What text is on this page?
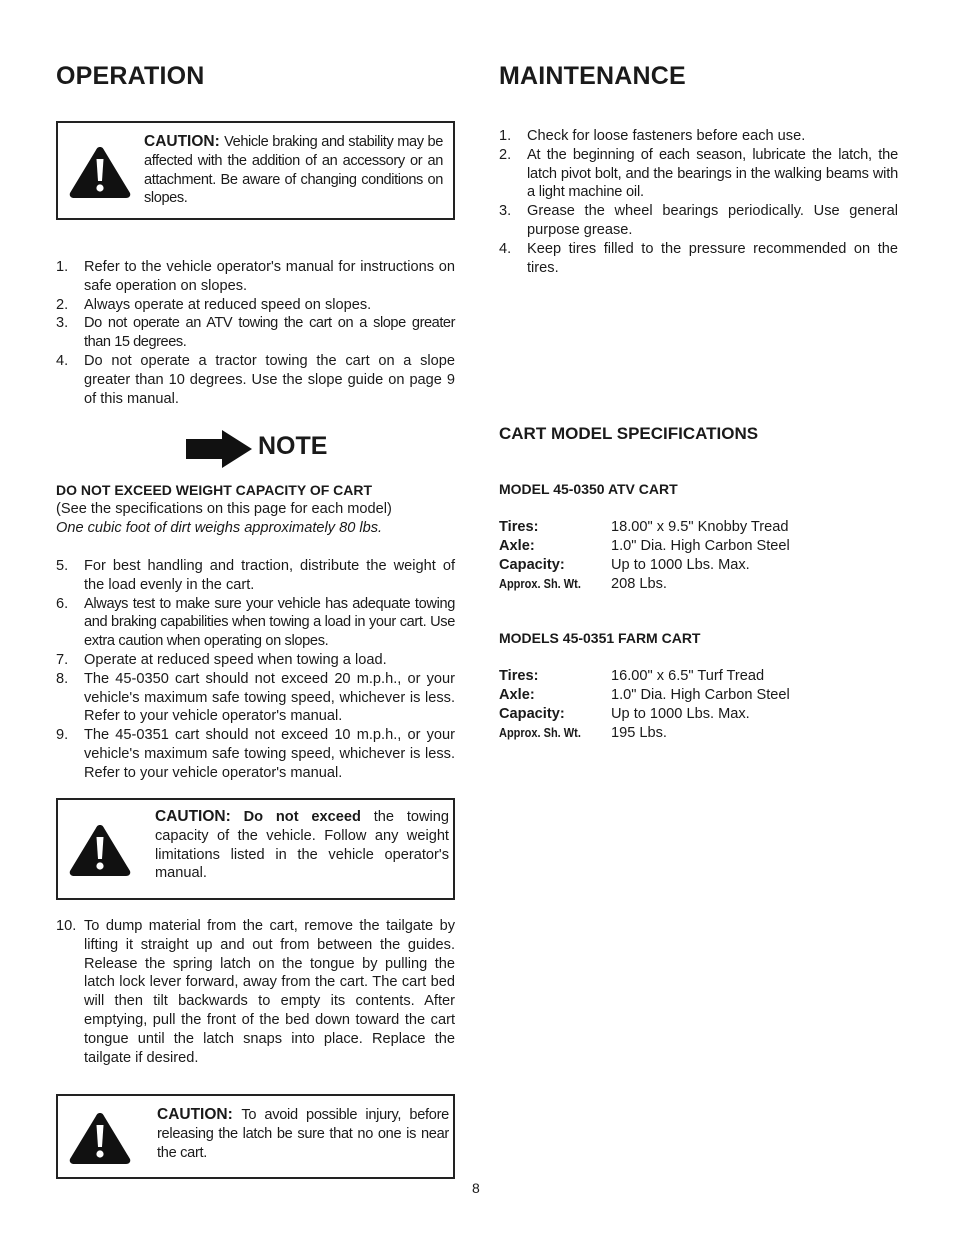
OPERATION
CAUTION: Vehicle braking and stability may be affected with the addition of an accessory or an attachment. Be aware of changing conditions on slopes.
1. Refer to the vehicle operator's manual for instructions on safe operation on slopes.
2. Always operate at reduced speed on slopes.
3. Do not operate an ATV towing the cart on a slope greater than 15 degrees.
4. Do not operate a tractor towing the cart on a slope greater than 10 degrees. Use the slope guide on page 9 of this manual.
NOTE
DO NOT EXCEED WEIGHT CAPACITY OF CART
(See the specifications on this page for each model)
One cubic foot of dirt weighs approximately 80 lbs.
5. For best handling and traction, distribute the weight of the load evenly in the cart.
6. Always test to make sure your vehicle has adequate towing and braking capabilities when towing a load in your cart. Use extra caution when operating on slopes.
7. Operate at reduced speed when towing a load.
8. The 45-0350 cart should not exceed 20 m.p.h., or your vehicle's maximum safe towing speed, whichever is less. Refer to your vehicle operator's manual.
9. The 45-0351 cart should not exceed 10 m.p.h., or your vehicle's maximum safe towing speed, whichever is less. Refer to your vehicle operator's manual.
CAUTION: Do not exceed the towing capacity of the vehicle. Follow any weight limitations listed in the vehicle operator's manual.
10. To dump material from the cart, remove the tailgate by lifting it straight up and out from between the guides. Release the spring latch on the tongue by pulling the latch lock lever forward, away from the cart. The cart bed will then tilt backwards to empty its contents. After emptying, pull the front of the bed down toward the cart tongue until the latch snaps into place. Replace the tailgate if desired.
CAUTION: To avoid possible injury, before releasing the latch be sure that no one is near the cart.
MAINTENANCE
1. Check for loose fasteners before each use.
2. At the beginning of each season, lubricate the latch, the latch pivot bolt, and the bearings in the walking beams with a light machine oil.
3. Grease the wheel bearings periodically. Use general purpose grease.
4. Keep tires filled to the pressure recommended on the tires.
CART MODEL SPECIFICATIONS
MODEL 45-0350 ATV CART
Tires:	18.00" x 9.5" Knobby Tread
Axle:	1.0" Dia. High Carbon Steel
Capacity:	Up to 1000 Lbs. Max.
Approx. Sh. Wt. 208 Lbs.
MODELS 45-0351 FARM CART
Tires:	16.00" x 6.5" Turf Tread
Axle:	1.0" Dia. High Carbon Steel
Capacity:	Up to 1000 Lbs. Max.
Approx. Sh. Wt. 195 Lbs.
8
